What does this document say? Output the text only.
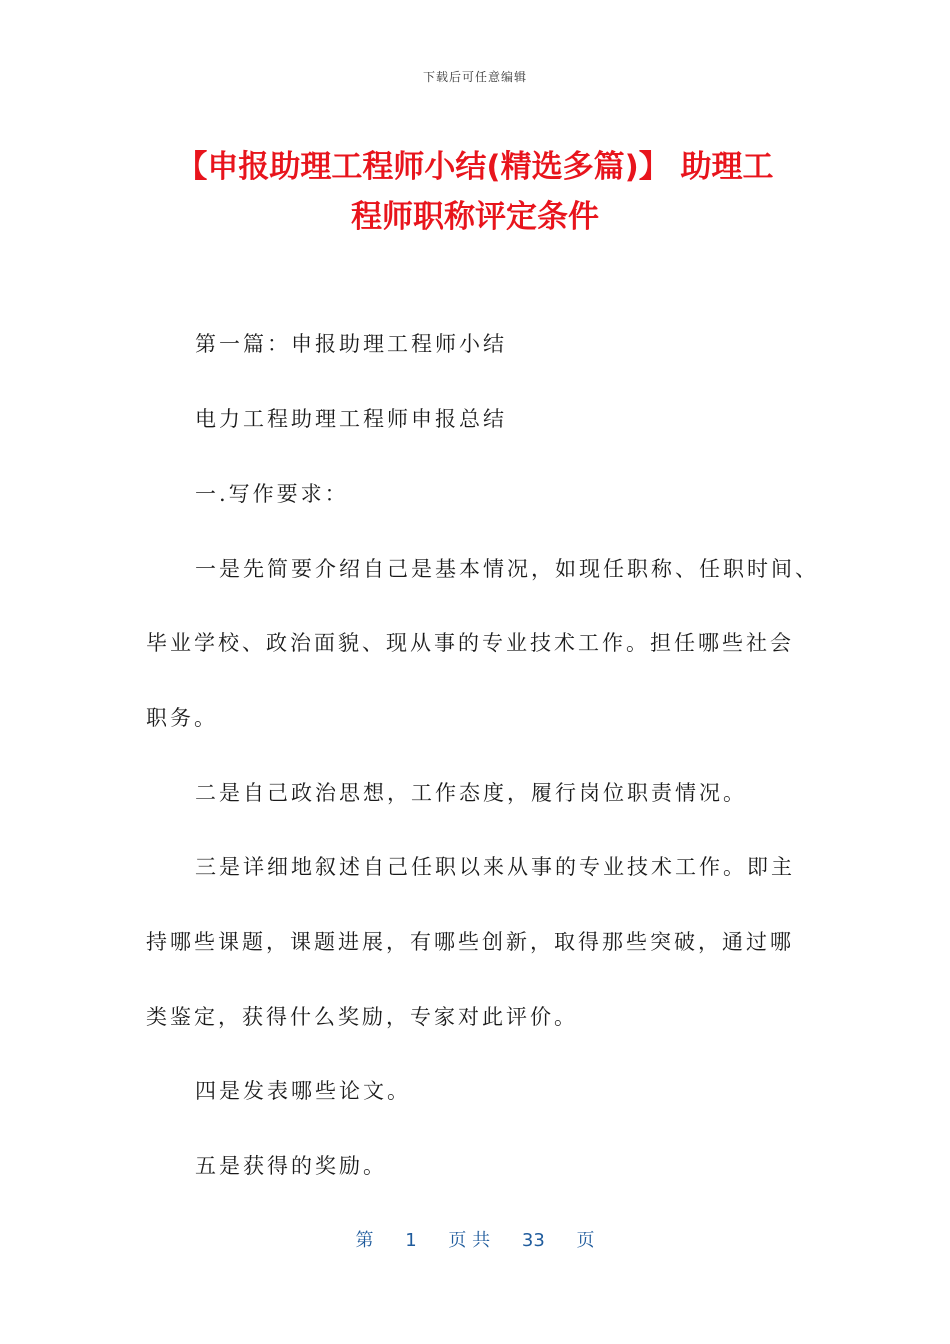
下载后可任意编辑
【申报助理工程师小结(精选多篇)】 助理工
程师职称评定条件

第一篇：申报助理工程师小结

电力工程助理工程师申报总结

一.写作要求：

一是先简要介绍自己是基本情况，如现任职称、任职时间、

毕业学校、政治面貌、现从事的专业技术工作。担任哪些社会

职务。

二是自己政治思想，工作态度，履行岗位职责情况。

三是详细地叙述自己任职以来从事的专业技术工作。即主

持哪些课题，课题进展，有哪些创新，取得那些突破，通过哪

类鉴定，获得什么奖励，专家对此评价。

四是发表哪些论文。

五是获得的奖励。

第 1 页 共 33 页
